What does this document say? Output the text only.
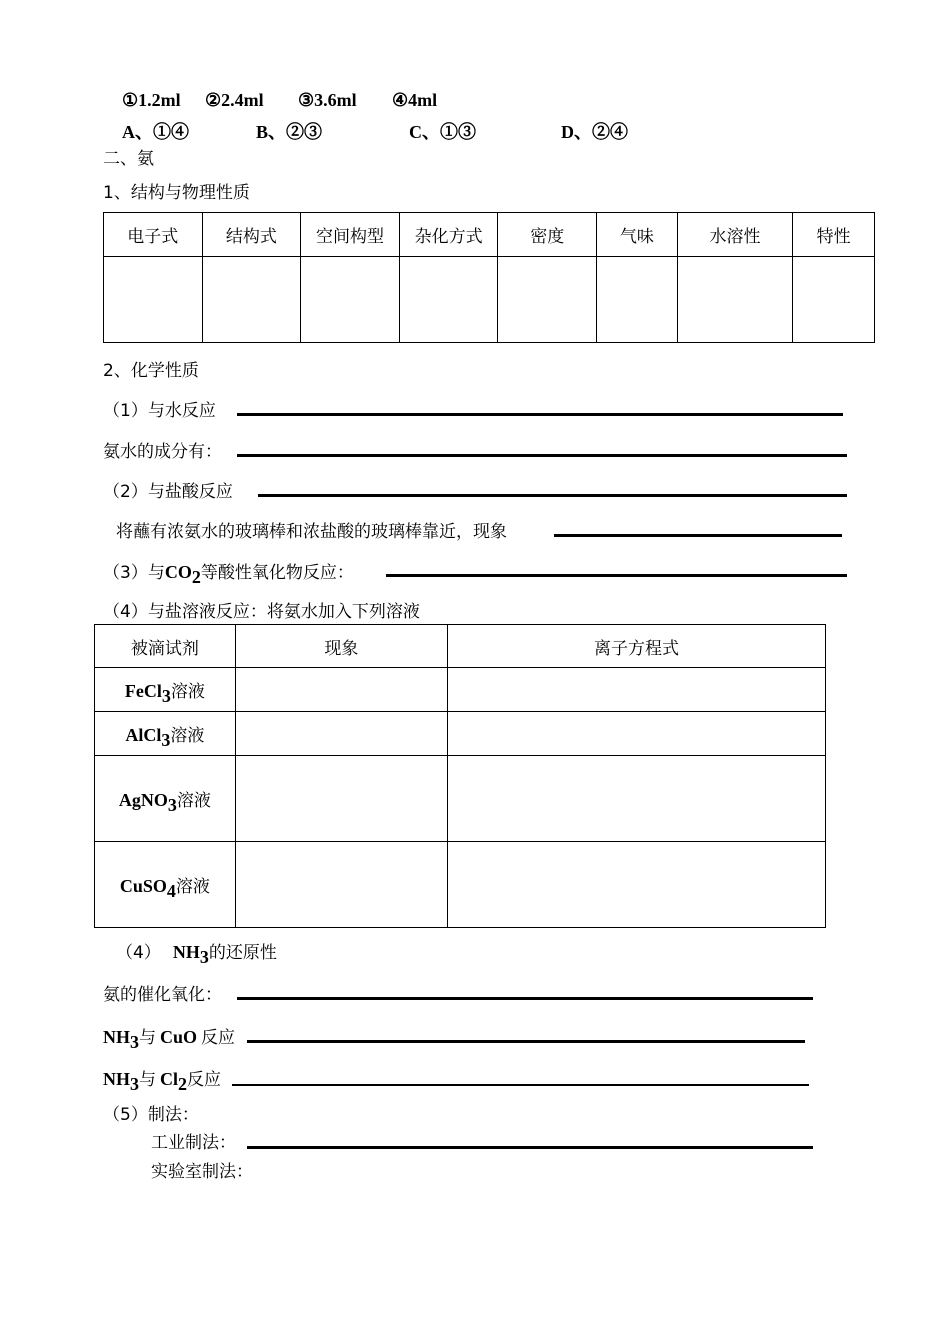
①1.2ml ②2.4ml ③3.6ml ④4ml
A、①④	B、②③	C、①③	D、②④
二、氨
1、结构与物理性质
电子式	结构式	空间构型	杂化方式	密度	气味	水溶性	特性

2、化学性质
（1）与水反应
氨水的成分有：
（2）与盐酸反应
将蘸有浓氨水的玻璃棒和浓盐酸的玻璃棒靠近，现象
（3）与$CO_2$等酸性氧化物反应：
（4）与盐溶液反应：将氨水加入下列溶液
被滴试剂	现象	离子方程式
FeCl$_3$溶液		
AlCl$_3$溶液		
AgNO$_3$溶液		
CuSO$_4$溶液		
（4） $NH_3$的还原性
氨的催化氧化：
$NH_3$与 CuO 反应
$NH_3$与 $Cl_2$反应
（5）制法：
工业制法：
实验室制法：
